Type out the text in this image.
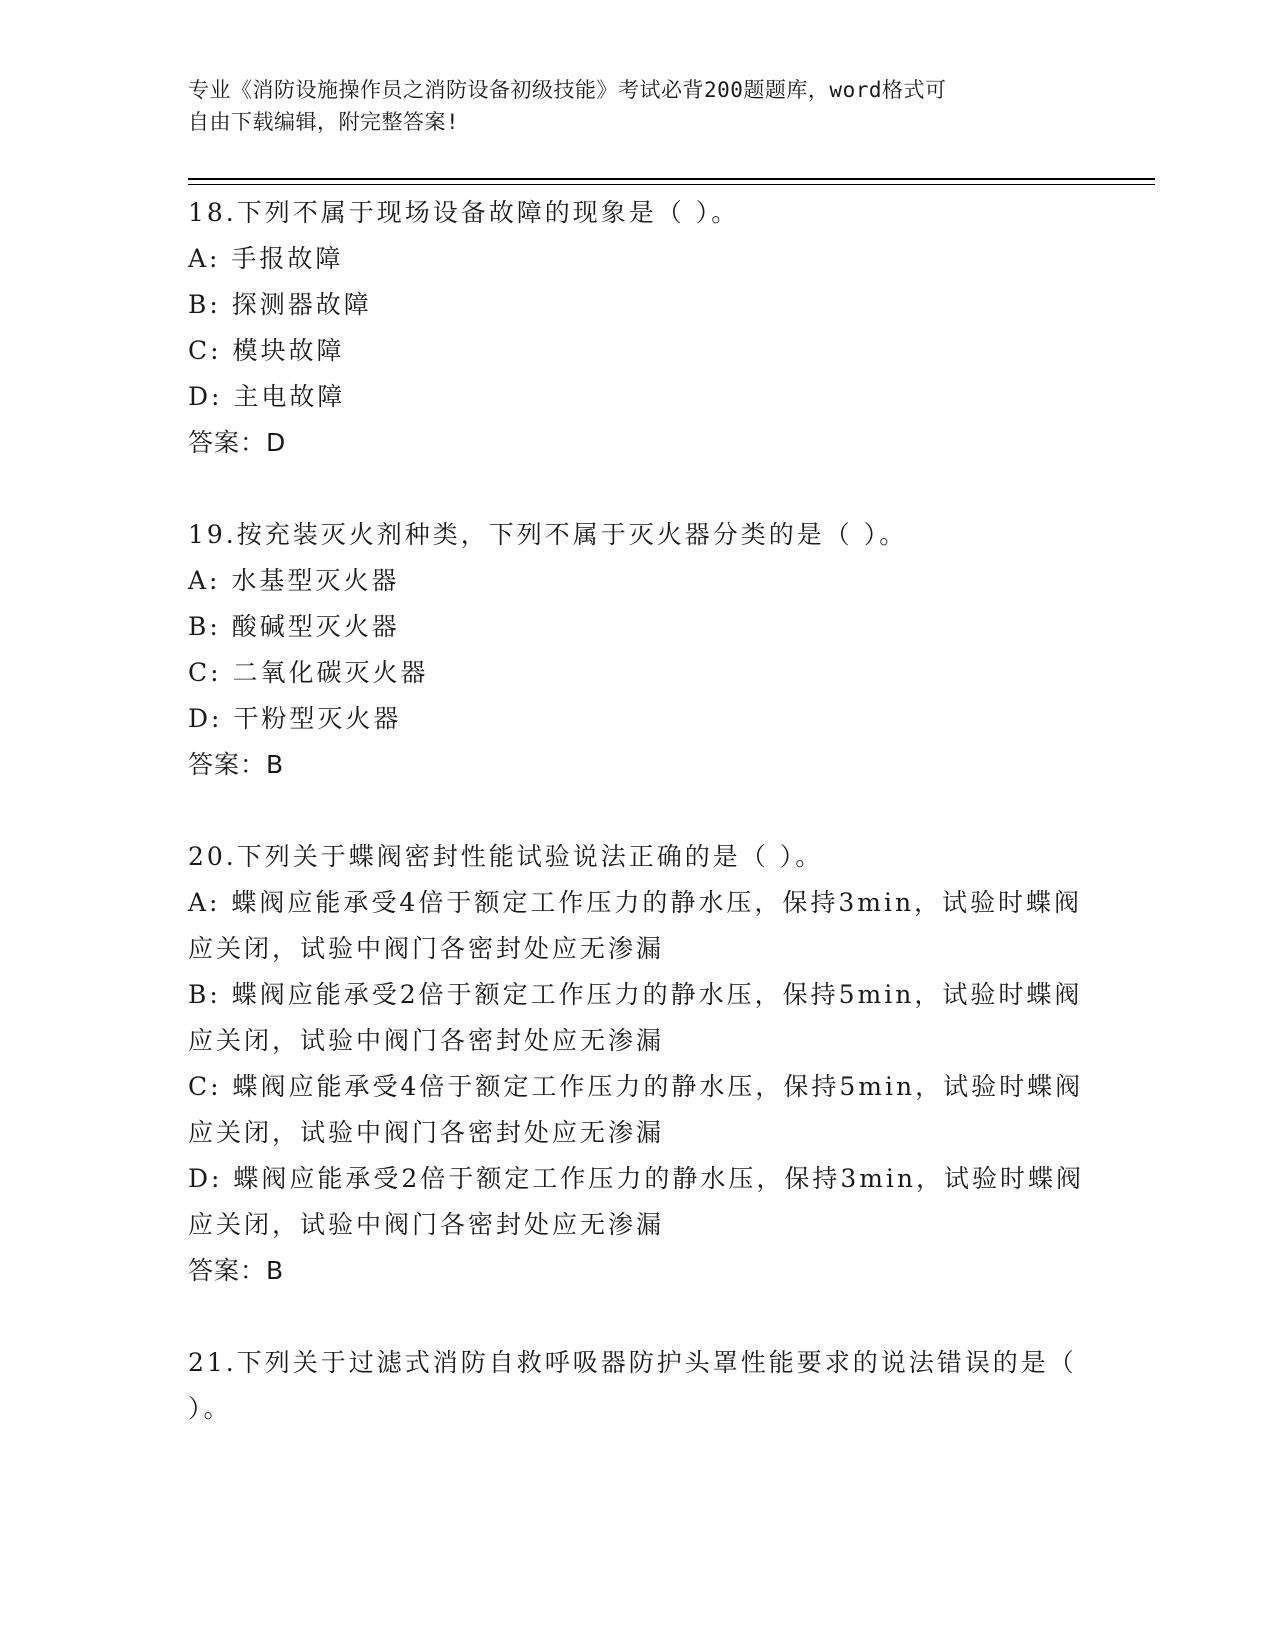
专业《消防设施操作员之消防设备初级技能》考试必背200题题库，word格式可
自由下载编辑，附完整答案!

18.下列不属于现场设备故障的现象是（ ）。

A: 手报故障

B: 探测器故障

C: 模块故障

D: 主电故障

答案：D

19.按充装灭火剂种类，下列不属于灭火器分类的是（ ）。

A: 水基型灭火器

B: 酸碱型灭火器

C: 二氧化碳灭火器

D: 干粉型灭火器

答案：B

20.下列关于蝶阀密封性能试验说法正确的是（ ）。

A: 蝶阀应能承受4倍于额定工作压力的静水压，保持3min，试验时蝶阀应关闭，试验中阀门各密封处应无渗漏

B: 蝶阀应能承受2倍于额定工作压力的静水压，保持5min，试验时蝶阀应关闭，试验中阀门各密封处应无渗漏

C: 蝶阀应能承受4倍于额定工作压力的静水压，保持5min，试验时蝶阀应关闭，试验中阀门各密封处应无渗漏

D: 蝶阀应能承受2倍于额定工作压力的静水压，保持3min，试验时蝶阀应关闭，试验中阀门各密封处应无渗漏

答案：B

21.下列关于过滤式消防自救呼吸器防护头罩性能要求的说法错误的是（ ）。
